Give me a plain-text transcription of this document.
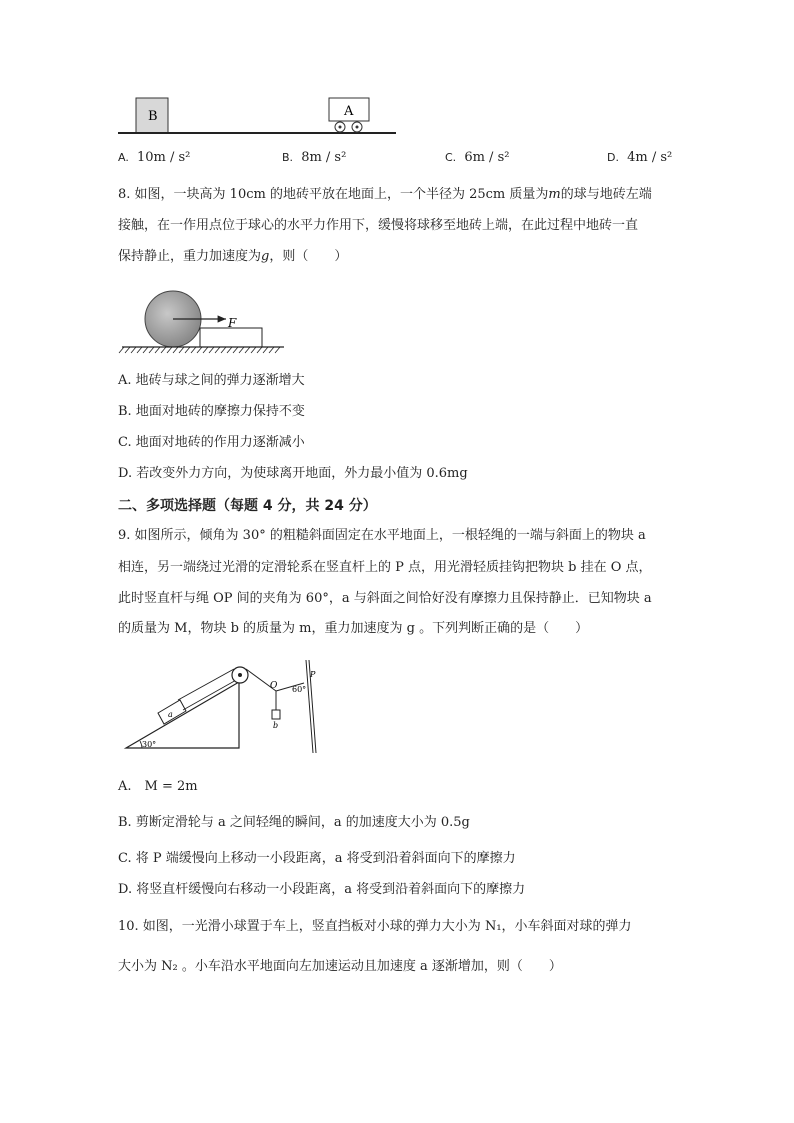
B	A
A. 10m / s²	B. 8m / s²	C. 6m / s²	D. 4m / s²
8. 如图，一块高为 10cm 的地砖平放在地面上，一个半径为 25cm 质量为m的球与地砖左端
接触，在一作用点位于球心的水平力作用下，缓慢将球移至地砖上端，在此过程中地砖一直
保持静止，重力加速度为g，则（　　）
F
A. 地砖与球之间的弹力逐渐增大
B. 地面对地砖的摩擦力保持不变
C. 地面对地砖的作用力逐渐减小
D. 若改变外力方向，为使球离开地面，外力最小值为 0.6mg
二、多项选择题（每题 4 分，共 24 分）
9. 如图所示，倾角为 30° 的粗糙斜面固定在水平地面上，一根轻绳的一端与斜面上的物块 a
相连，另一端绕过光滑的定滑轮系在竖直杆上的 P 点，用光滑轻质挂钩把物块 b 挂在 O 点，
此时竖直杆与绳 OP 间的夹角为 60°，a 与斜面之间恰好没有摩擦力且保持静止．已知物块 a
的质量为 M，物块 b 的质量为 m，重力加速度为 g 。下列判断正确的是（　　）
a
O
b
P
60°
30°
A.　M = 2m
B. 剪断定滑轮与 a 之间轻绳的瞬间，a 的加速度大小为 0.5g
C. 将 P 端缓慢向上移动一小段距离，a 将受到沿着斜面向下的摩擦力
D. 将竖直杆缓慢向右移动一小段距离，a 将受到沿着斜面向下的摩擦力
10. 如图，一光滑小球置于车上，竖直挡板对小球的弹力大小为 N₁，小车斜面对球的弹力
大小为 N₂ 。小车沿水平地面向左加速运动且加速度 a 逐渐增加，则（　　）
